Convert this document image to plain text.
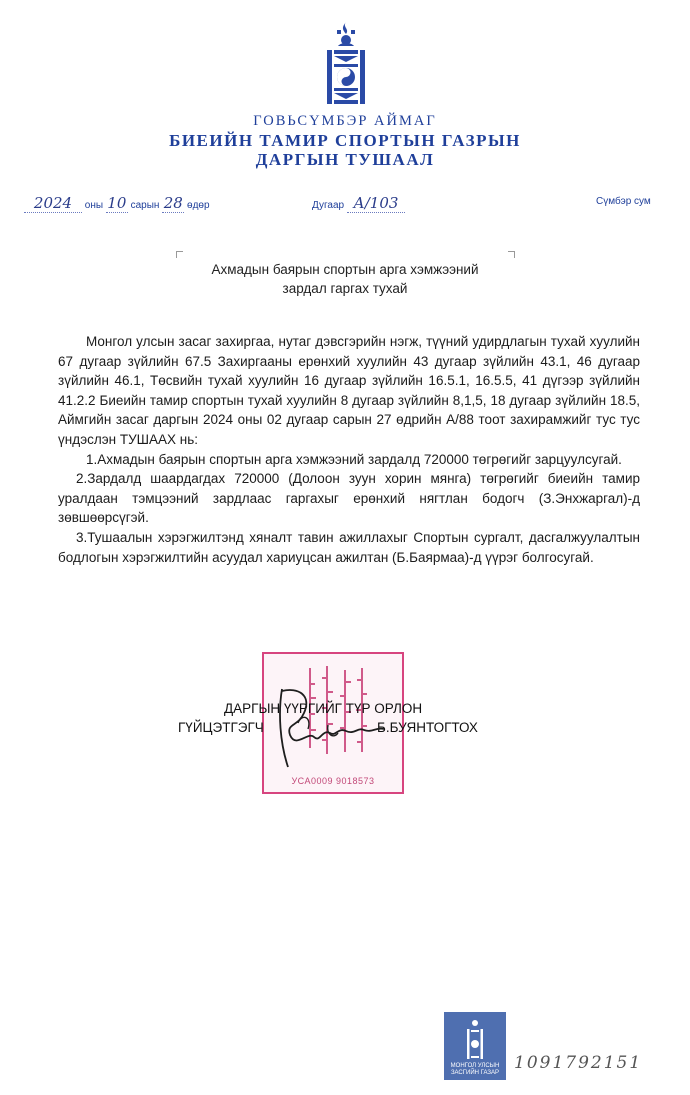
ГОВЬСҮМБЭР АЙМАГ
БИЕИЙН ТАМИР СПОРТЫН ГАЗРЫН
ДАРГЫН ТУШААЛ
2024 оны 10 сарын 28 өдөр	Дугаар А/103	Сүмбэр сум
Ахмадын баярын спортын арга хэмжээний
зардал гаргах тухай

Монгол улсын засаг захиргаа, нутаг дэвсгэрийн нэгж, түүний удирдлагын тухай хуулийн 67 дугаар зүйлийн 67.5 Захиргааны ерөнхий хуулийн 43 дугаар зүйлийн 43.1, 46 дугаар зүйлийн 46.1, Төсвийн тухай хуулийн 16 дугаар зүйлийн 16.5.1, 16.5.5, 41 дүгээр зүйлийн 41.2.2 Биеийн тамир спортын тухай хуулийн 8 дугаар зүйлийн 8,1,5, 18 дугаар зүйлийн 18.5, Аймгийн засаг даргын 2024 оны 02 дугаар сарын 27 өдрийн А/88 тоот захирамжийг тус тус үндэслэн ТУШААХ нь:

1.Ахмадын баярын спортын арга хэмжээний зардалд 720000 төгрөгийг зарцуулсугай.

2.Зардалд шаардагдах 720000 (Долоон зуун хорин мянга) төгрөгийг биеийн тамир уралдаан тэмцээний зардлаас гаргахыг ерөнхий нягтлан бодогч (З.Энхжаргал)-д зөвшөөрсүгэй.

3.Тушаалын хэрэгжилтэнд хяналт тавин ажиллахыг Спортын сургалт, дасгалжуулалтын бодлогын хэрэгжилтийн асуудал хариуцсан ажилтан (Б.Баярмаа)-д үүрэг болгосугай.

УСА0009 9018573
ДАРГЫН ҮҮРГИЙГ ТҮР ОРЛОН
ГҮЙЦЭТГЭГЧ	Б.БУЯНТОГТОХ
МОНГОЛ УЛСЫН
ЗАСГИЙН ГАЗАР 1091792151
